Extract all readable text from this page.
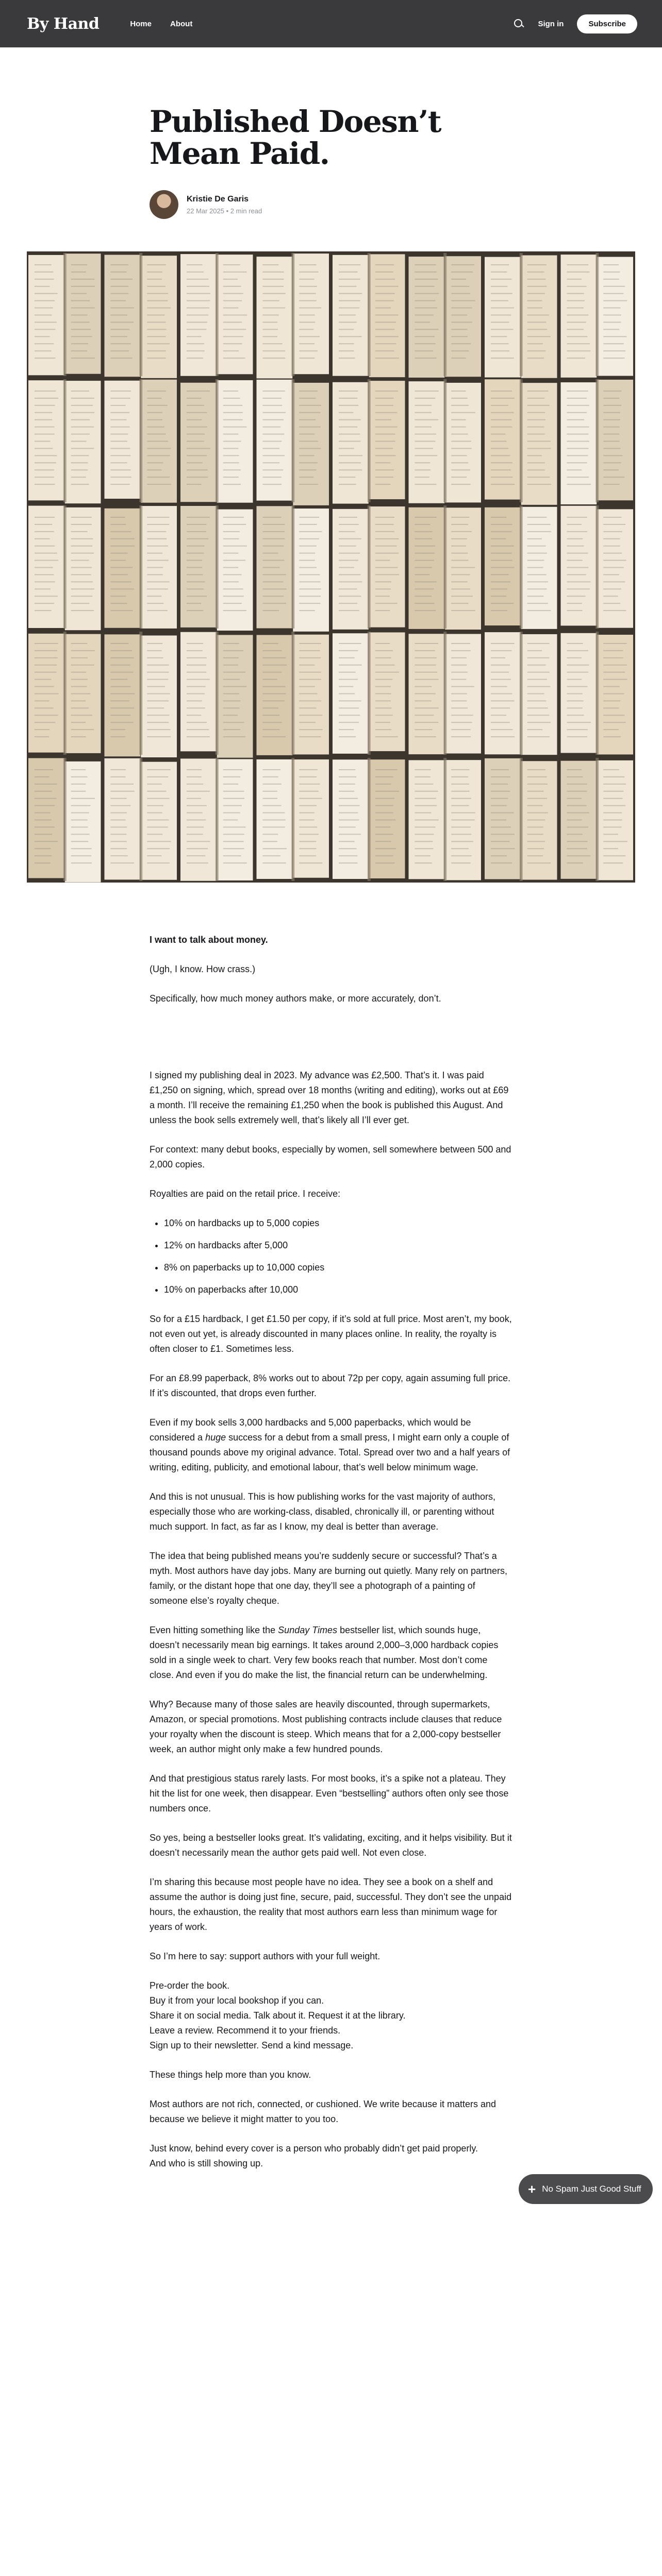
By Hand	Home About	Sign in	Subscribe
Published Doesn’t Mean Paid.
Kristie De Garis
22 Mar 2025 • 2 min read

I want to talk about money.

(Ugh, I know. How crass.)

Specifically, how much money authors make, or more accurately, don’t.

I signed my publishing deal in 2023. My advance was £2,500. That’s it. I was paid £1,250 on signing, which, spread over 18 months (writing and editing), works out at £69 a month. I’ll receive the remaining £1,250 when the book is published this August. And unless the book sells extremely well, that’s likely all I’ll ever get.

For context: many debut books, especially by women, sell somewhere between 500 and 2,000 copies.

Royalties are paid on the retail price. I receive:

• 10% on hardbacks up to 5,000 copies
• 12% on hardbacks after 5,000
• 8% on paperbacks up to 10,000 copies
• 10% on paperbacks after 10,000

So for a £15 hardback, I get £1.50 per copy, if it’s sold at full price. Most aren’t, my book, not even out yet, is already discounted in many places online. In reality, the royalty is often closer to £1. Sometimes less.

For an £8.99 paperback, 8% works out to about 72p per copy, again assuming full price. If it’s discounted, that drops even further.

Even if my book sells 3,000 hardbacks and 5,000 paperbacks, which would be considered a huge success for a debut from a small press, I might earn only a couple of thousand pounds above my original advance. Total. Spread over two and a half years of writing, editing, publicity, and emotional labour, that’s well below minimum wage.

And this is not unusual. This is how publishing works for the vast majority of authors, especially those who are working-class, disabled, chronically ill, or parenting without much support. In fact, as far as I know, my deal is better than average.

The idea that being published means you’re suddenly secure or successful? That’s a myth. Most authors have day jobs. Many are burning out quietly. Many rely on partners, family, or the distant hope that one day, they’ll see a photograph of a painting of someone else’s royalty cheque.

Even hitting something like the Sunday Times bestseller list, which sounds huge, doesn’t necessarily mean big earnings. It takes around 2,000–3,000 hardback copies sold in a single week to chart. Very few books reach that number. Most don’t come close. And even if you do make the list, the financial return can be underwhelming.

Why? Because many of those sales are heavily discounted, through supermarkets, Amazon, or special promotions. Most publishing contracts include clauses that reduce your royalty when the discount is steep. Which means that for a 2,000-copy bestseller week, an author might only make a few hundred pounds.

And that prestigious status rarely lasts. For most books, it’s a spike not a plateau. They hit the list for one week, then disappear. Even “bestselling” authors often only see those numbers once.

So yes, being a bestseller looks great. It’s validating, exciting, and it helps visibility. But it doesn’t necessarily mean the author gets paid well. Not even close.

I’m sharing this because most people have no idea. They see a book on a shelf and assume the author is doing just fine, secure, paid, successful. They don’t see the unpaid hours, the exhaustion, the reality that most authors earn less than minimum wage for years of work.

So I’m here to say: support authors with your full weight.

Pre-order the book.
Buy it from your local bookshop if you can.
Share it on social media. Talk about it. Request it at the library.
Leave a review. Recommend it to your friends.
Sign up to their newsletter. Send a kind message.

These things help more than you know.

Most authors are not rich, connected, or cushioned. We write because it matters and because we believe it might matter to you too.

Just know, behind every cover is a person who probably didn’t get paid properly.
And who is still showing up.

+ No Spam Just Good Stuff
